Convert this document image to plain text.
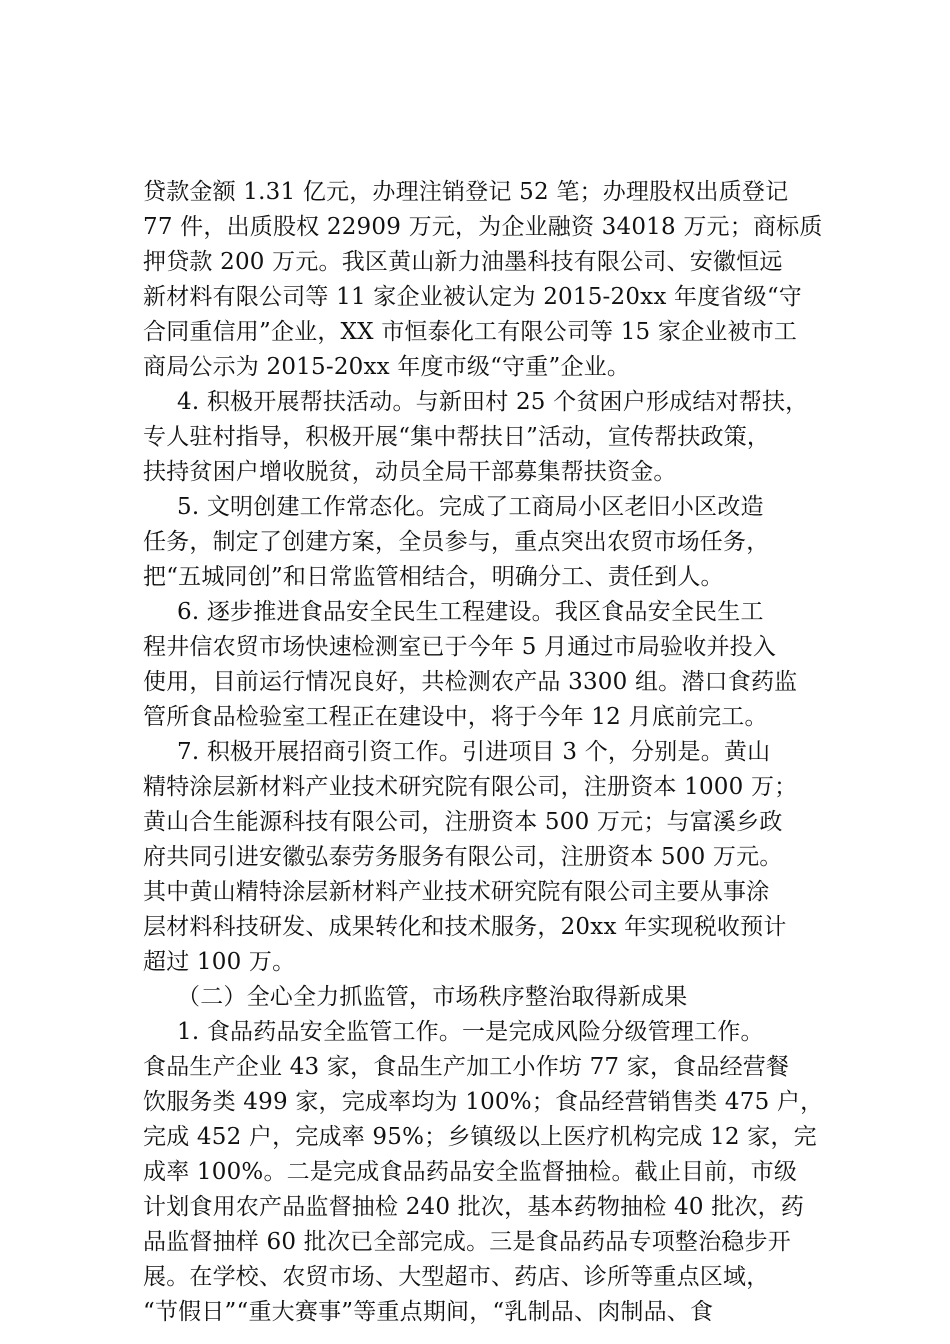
贷款金额 1.31 亿元，办理注销登记 52 笔；办理股权出质登记
77 件，出质股权 22909 万元，为企业融资 34018 万元；商标质
押贷款 200 万元。我区黄山新力油墨科技有限公司、安徽恒远
新材料有限公司等 11 家企业被认定为 2015-20xx 年度省级“守
合同重信用”企业，XX 市恒泰化工有限公司等 15 家企业被市工
商局公示为 2015-20xx 年度市级“守重”企业。
4. 积极开展帮扶活动。与新田村 25 个贫困户形成结对帮扶，
专人驻村指导，积极开展“集中帮扶日”活动，宣传帮扶政策，
扶持贫困户增收脱贫，动员全局干部募集帮扶资金。
5. 文明创建工作常态化。完成了工商局小区老旧小区改造
任务，制定了创建方案，全员参与，重点突出农贸市场任务，
把“五城同创”和日常监管相结合，明确分工、责任到人。
6. 逐步推进食品安全民生工程建设。我区食品安全民生工
程井信农贸市场快速检测室已于今年 5 月通过市局验收并投入
使用，目前运行情况良好，共检测农产品 3300 组。潜口食药监
管所食品检验室工程正在建设中，将于今年 12 月底前完工。
7. 积极开展招商引资工作。引进项目 3 个，分别是。黄山
精特涂层新材料产业技术研究院有限公司，注册资本 1000 万；
黄山合生能源科技有限公司，注册资本 500 万元；与富溪乡政
府共同引进安徽弘泰劳务服务有限公司，注册资本 500 万元。
其中黄山精特涂层新材料产业技术研究院有限公司主要从事涂
层材料科技研发、成果转化和技术服务，20xx 年实现税收预计
超过 100 万。
（二）全心全力抓监管，市场秩序整治取得新成果
1. 食品药品安全监管工作。一是完成风险分级管理工作。
食品生产企业 43 家，食品生产加工小作坊 77 家，食品经营餐
饮服务类 499 家，完成率均为 100%；食品经营销售类 475 户，
完成 452 户，完成率 95%；乡镇级以上医疗机构完成 12 家，完
成率 100%。二是完成食品药品安全监督抽检。截止目前，市级
计划食用农产品监督抽检 240 批次，基本药物抽检 40 批次，药
品监督抽样 60 批次已全部完成。三是食品药品专项整治稳步开
展。在学校、农贸市场、大型超市、药店、诊所等重点区域，
“节假日”“重大赛事”等重点期间，“乳制品、肉制品、食
